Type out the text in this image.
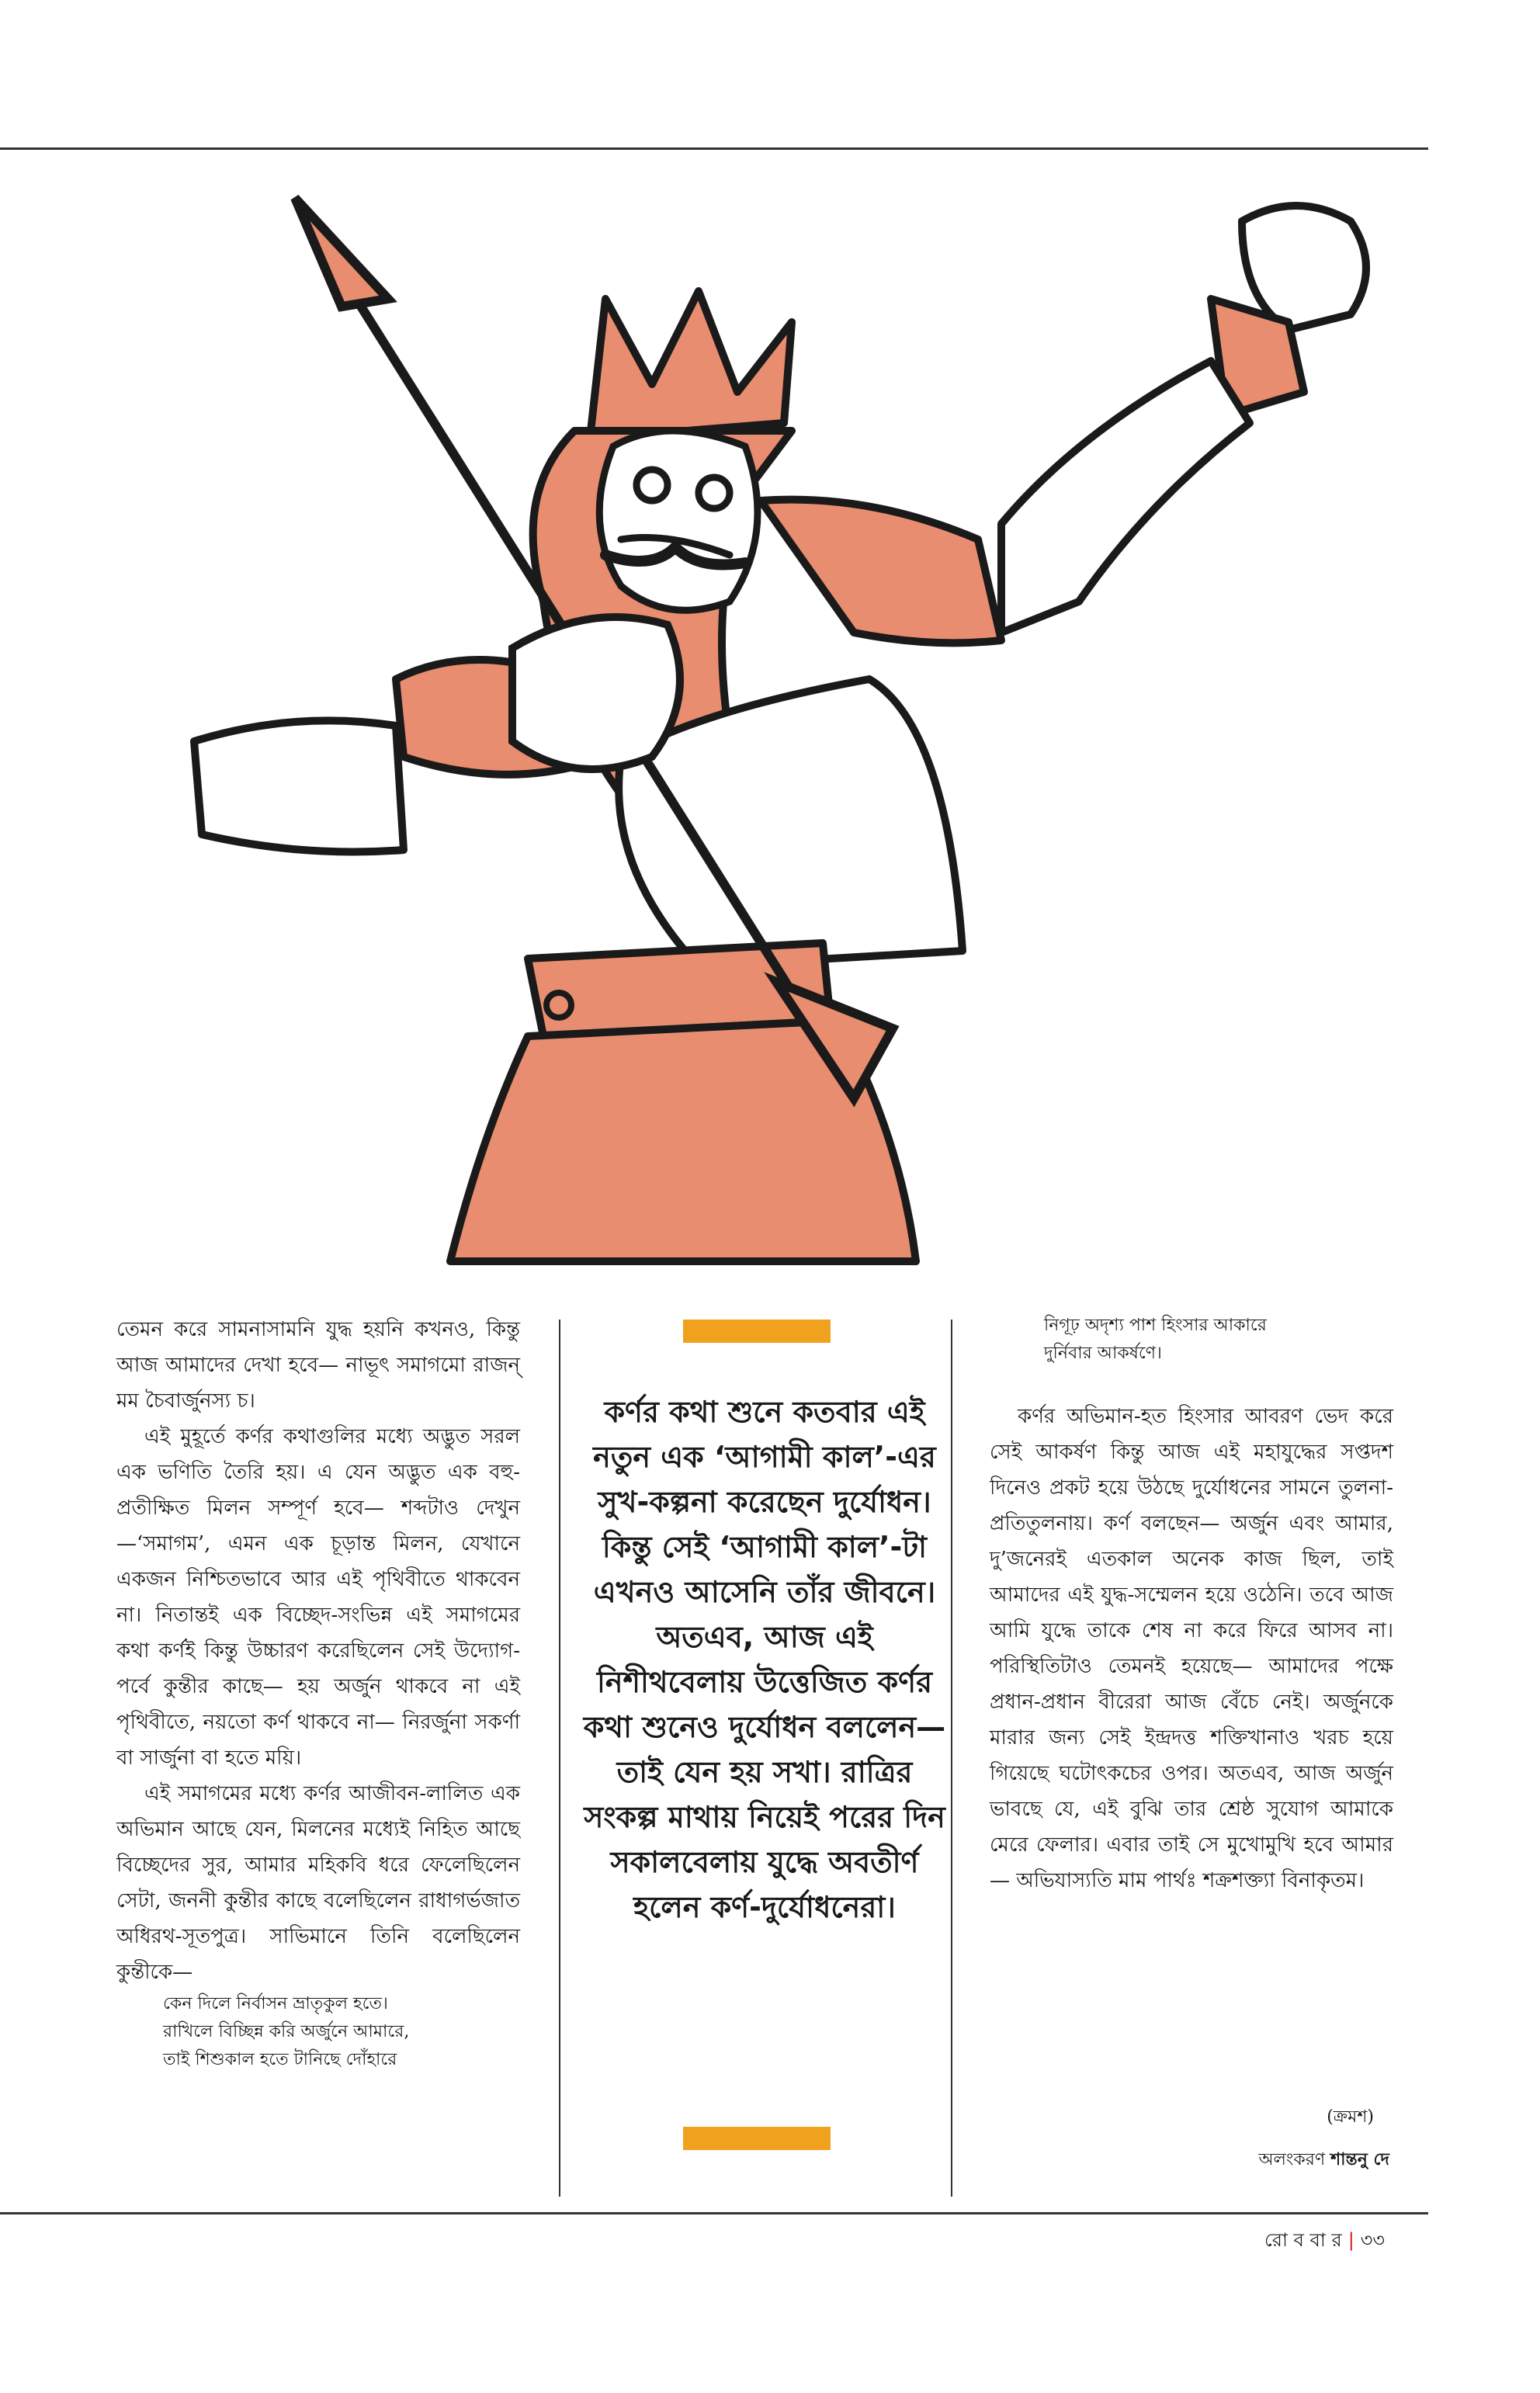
তেমন করে সামনাসামনি যুদ্ধ হয়নি কখনও, কিন্তু আজ আমাদের দেখা হবে— নাভূৎ সমাগমো রাজন্ মম চৈবার্জুনস্য চ।

এই মুহূর্তে কর্ণর কথাগুলির মধ্যে অদ্ভুত সরল এক ভণিতি তৈরি হয়। এ যেন অদ্ভুত এক বহু-প্রতীক্ষিত মিলন সম্পূর্ণ হবে— শব্দটাও দেখুন —‘সমাগম’, এমন এক চূড়ান্ত মিলন, যেখানে একজন নিশ্চিতভাবে আর এই পৃথিবীতে থাকবেন না। নিতান্তই এক বিচ্ছেদ-সংভিন্ন এই সমাগমের কথা কর্ণই কিন্তু উচ্চারণ করেছিলেন সেই উদ্যোগ-পর্বে কুন্তীর কাছে— হয় অর্জুন থাকবে না এই পৃথিবীতে, নয়তো কর্ণ থাকবে না— নিরর্জুনা সকর্ণা বা সার্জুনা বা হতে ময়ি।

এই সমাগমের মধ্যে কর্ণর আজীবন-লালিত এক অভিমান আছে যেন, মিলনের মধ্যেই নিহিত আছে বিচ্ছেদের সুর, আমার মহিকবি ধরে ফেলেছিলেন সেটা, জননী কুন্তীর কাছে বলেছিলেন রাধাগর্ভজাত অধিরথ-সূতপুত্র। সাভিমানে তিনি বলেছিলেন কুন্তীকে—

কেন দিলে নির্বাসন ভ্রাতৃকুল হতে।

রাখিলে বিচ্ছিন্ন করি অর্জুনে আমারে,

তাই শিশুকাল হতে টানিছে দোঁহারে

কর্ণর কথা শুনে কতবার এই নতুন এক ‘আগামী কাল’-এর সুখ-কল্পনা করেছেন দুর্যোধন। কিন্তু সেই ‘আগামী কাল’-টা এখনও আসেনি তাঁর জীবনে। অতএব, আজ এই নিশীথবেলায় উত্তেজিত কর্ণর কথা শুনেও দুর্যোধন বললেন— তাই যেন হয় সখা। রাত্রির সংকল্প মাথায় নিয়েই পরের দিন সকালবেলায় যুদ্ধে অবতীর্ণ হলেন কর্ণ-দুর্যোধনেরা।

নিগূঢ় অদৃশ্য পাশ হিংসার আকারে

দুর্নিবার আকর্ষণে।

কর্ণর অভিমান-হত হিংসার আবরণ ভেদ করে সেই আকর্ষণ কিন্তু আজ এই মহাযুদ্ধের সপ্তদশ দিনেও প্রকট হয়ে উঠছে দুর্যোধনের সামনে তুলনা-প্রতিতুলনায়। কর্ণ বলছেন— অর্জুন এবং আমার, দু’জনেরই এতকাল অনেক কাজ ছিল, তাই আমাদের এই যুদ্ধ-সম্মেলন হয়ে ওঠেনি। তবে আজ আমি যুদ্ধে তাকে শেষ না করে ফিরে আসব না। পরিস্থিতিটাও তেমনই হয়েছে— আমাদের পক্ষে প্রধান-প্রধান বীরেরা আজ বেঁচে নেই। অর্জুনকে মারার জন্য সেই ইন্দ্রদত্ত শক্তিখানাও খরচ হয়ে গিয়েছে ঘটোৎকচের ওপর। অতএব, আজ অর্জুন ভাবছে যে, এই বুঝি তার শ্রেষ্ঠ সুযোগ আমাকে মেরে ফেলার। এবার তাই সে মুখোমুখি হবে আমার— অভিযাস্যতি মাম পার্থঃ শক্রশক্ত্যা বিনাকৃতম।

(ক্রমশ)
অলংকরণ শান্তনু দে
রো ব বা র | ৩৩
